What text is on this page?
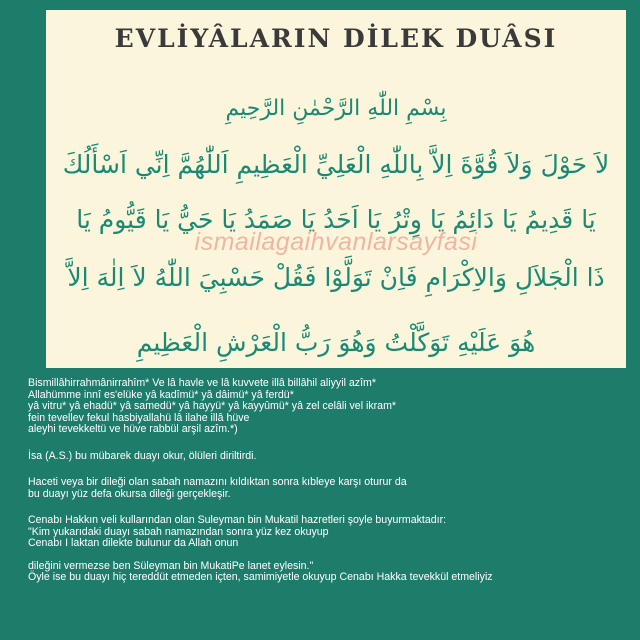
EVLİYÂLARIN DİLEK DUÂSI
بِسْمِ اللّٰهِ الرَّحْمٰنِ الرَّحِيمِ
لاَ حَوْلَ وَلاَ قُوَّةَ اِلاَّ بِاللّٰهِ الْعَلِيِّ الْعَظِيمِ اَللّٰهُمَّ اِنِّي اَسْأَلُكَ
يَا قَدِيمُ يَا دَائِمُ يَا وِتْرُ يَا اَحَدُ يَا صَمَدُ يَا حَيُّ يَا قَيُّومُ يَا
ismailagaihvanlarsayfasi
ذَا الْجَلاَلِ وَالاِكْرَامِ فَاِنْ تَوَلَّوْا فَقُلْ حَسْبِيَ اللّٰهُ لاَ اِلٰهَ اِلاَّ
هُوَ عَلَيْهِ تَوَكَّلْتُ وَهُوَ رَبُّ الْعَرْشِ الْعَظِيمِ
Bismillâhirrahmânirrahîm* Ve lâ havle ve lâ kuvvete illâ billâhil aliyyil azîm*
Allahümme innî es'elüke yâ kadîmü* yâ dâimü* yâ ferdü*
yâ vitru* yâ ehadü* yâ samedü* yâ hayyü* yâ kayyûmü* yâ zel celâli vel ikram*
fein tevellev fekul hasbiyallahü lâ ilahe illâ hüve
aleyhi tevekkeltü ve hüve rabbül arşil azîm.*)
İsa (A.S.) bu mübarek duayı okur, ölüleri diriltirdi.
Haceti veya bir dileği olan sabah namazını kıldıktan sonra kıbleye karşı oturur da
bu duayı yüz defa okursa dileği gerçekleşir.
Cenabı Hakkın veli kullarından olan Suleyman bin Mukatil hazretleri şoyle buyurmaktadır:
"Kim yukarıdaki duayı sabah namazından sonra yüz kez okuyup
Cenabı I laktan dilekte bulunur da Allah onun
dileğini vermezse ben Süleyman bin MukatiPe lanet eylesin."
Öyle ise bu duayı hiç tereddüt etmeden içten, samimiyetle okuyup Cenabı Hakka tevekkül etmeliyiz
